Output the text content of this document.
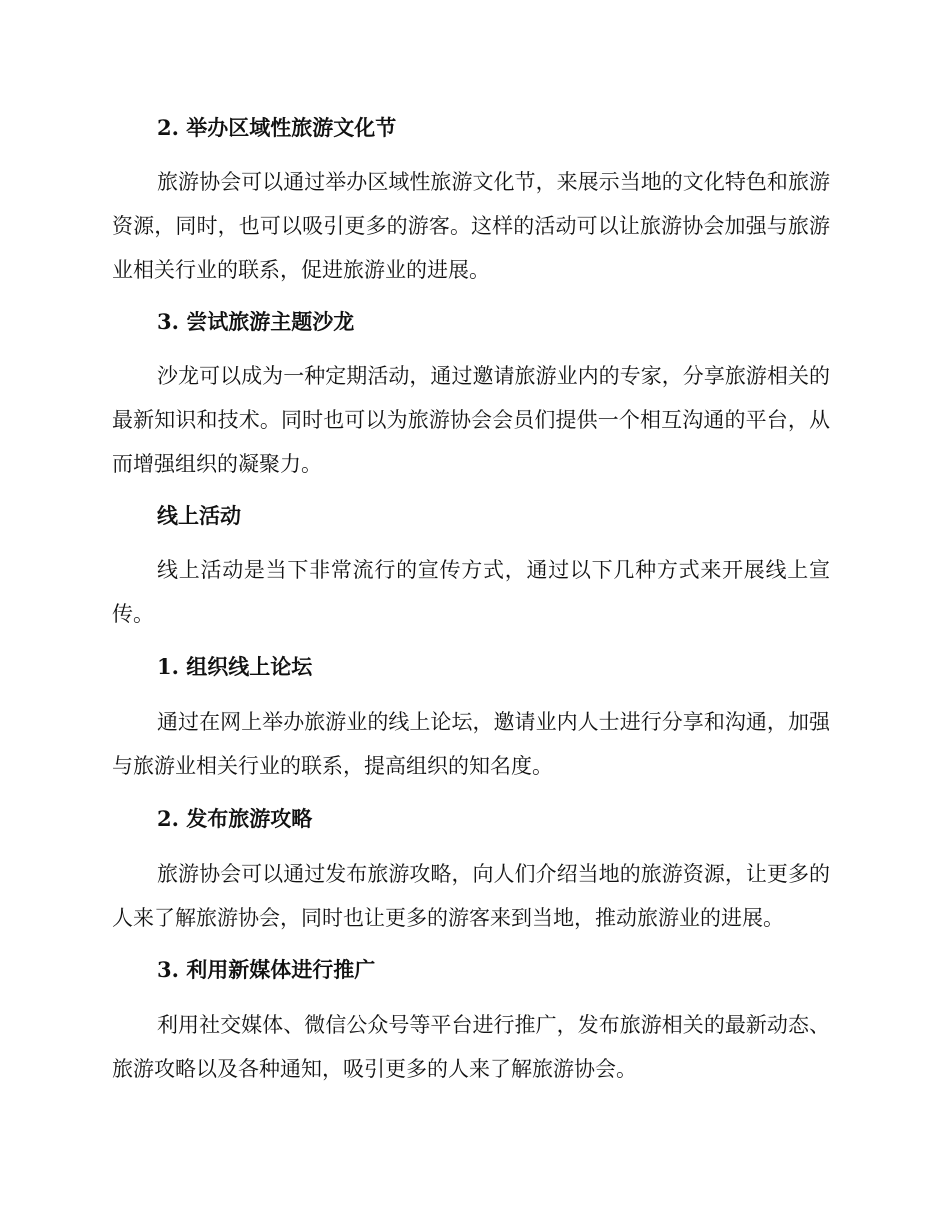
2. 举办区域性旅游文化节

旅游协会可以通过举办区域性旅游文化节，来展示当地的文化特色和旅游资源，同时，也可以吸引更多的游客。这样的活动可以让旅游协会加强与旅游业相关行业的联系，促进旅游业的进展。

3. 尝试旅游主题沙龙

沙龙可以成为一种定期活动，通过邀请旅游业内的专家，分享旅游相关的最新知识和技术。同时也可以为旅游协会会员们提供一个相互沟通的平台，从而增强组织的凝聚力。

线上活动

线上活动是当下非常流行的宣传方式，通过以下几种方式来开展线上宣传。

1. 组织线上论坛

通过在网上举办旅游业的线上论坛，邀请业内人士进行分享和沟通，加强与旅游业相关行业的联系，提高组织的知名度。

2. 发布旅游攻略

旅游协会可以通过发布旅游攻略，向人们介绍当地的旅游资源，让更多的人来了解旅游协会，同时也让更多的游客来到当地，推动旅游业的进展。

3. 利用新媒体进行推广

利用社交媒体、微信公众号等平台进行推广，发布旅游相关的最新动态、旅游攻略以及各种通知，吸引更多的人来了解旅游协会。
